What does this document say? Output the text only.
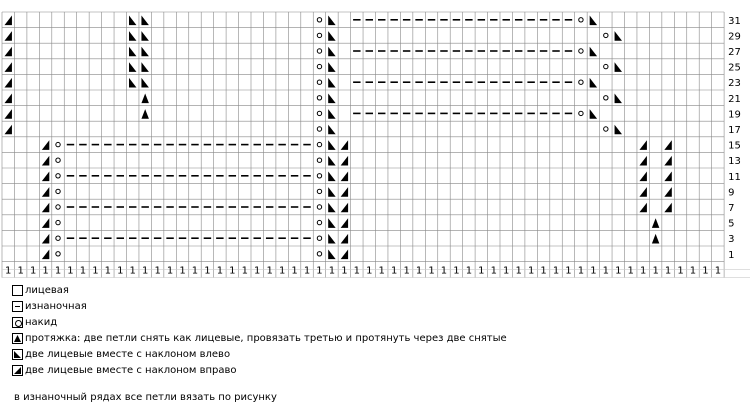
31
29
27
25
23
21
19
17
15
13
11
9
7
5
3
1
1 1 1 1 1 1 1 1 1 1 1 1 1 1 1 1 1 1 1 1 1 1 1 1 1 1 1 1 1 1 1 1 1 1 1 1 1 1 1 1 1 1 1 1 1 1 1 1 1 1 1 1 1 1 1 1 1 1
лицевая
изнаночная
накид
протяжка: две петли снять как лицевые, провязать третью и протянуть через две снятые
две лицевые вместе с наклоном влево
две лицевые вместе с наклоном вправо
в изнаночный рядах все петли вязать по рисунку
